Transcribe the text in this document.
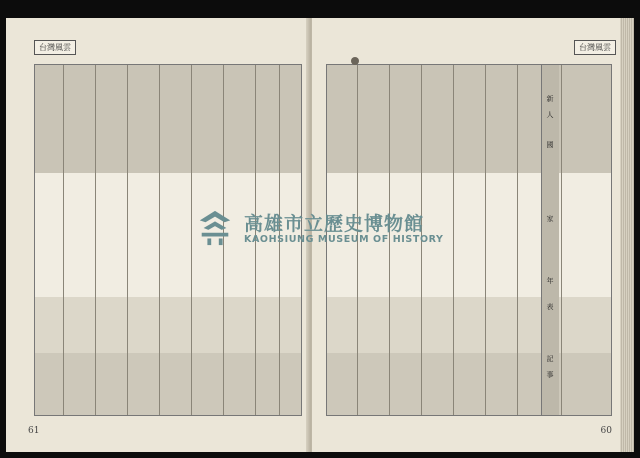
台灣風雲
61
台灣風雲
新
人
國
家
年
表
記
事
60
高雄市立歷史博物館
KAOHSIUNG MUSEUM OF HISTORY
